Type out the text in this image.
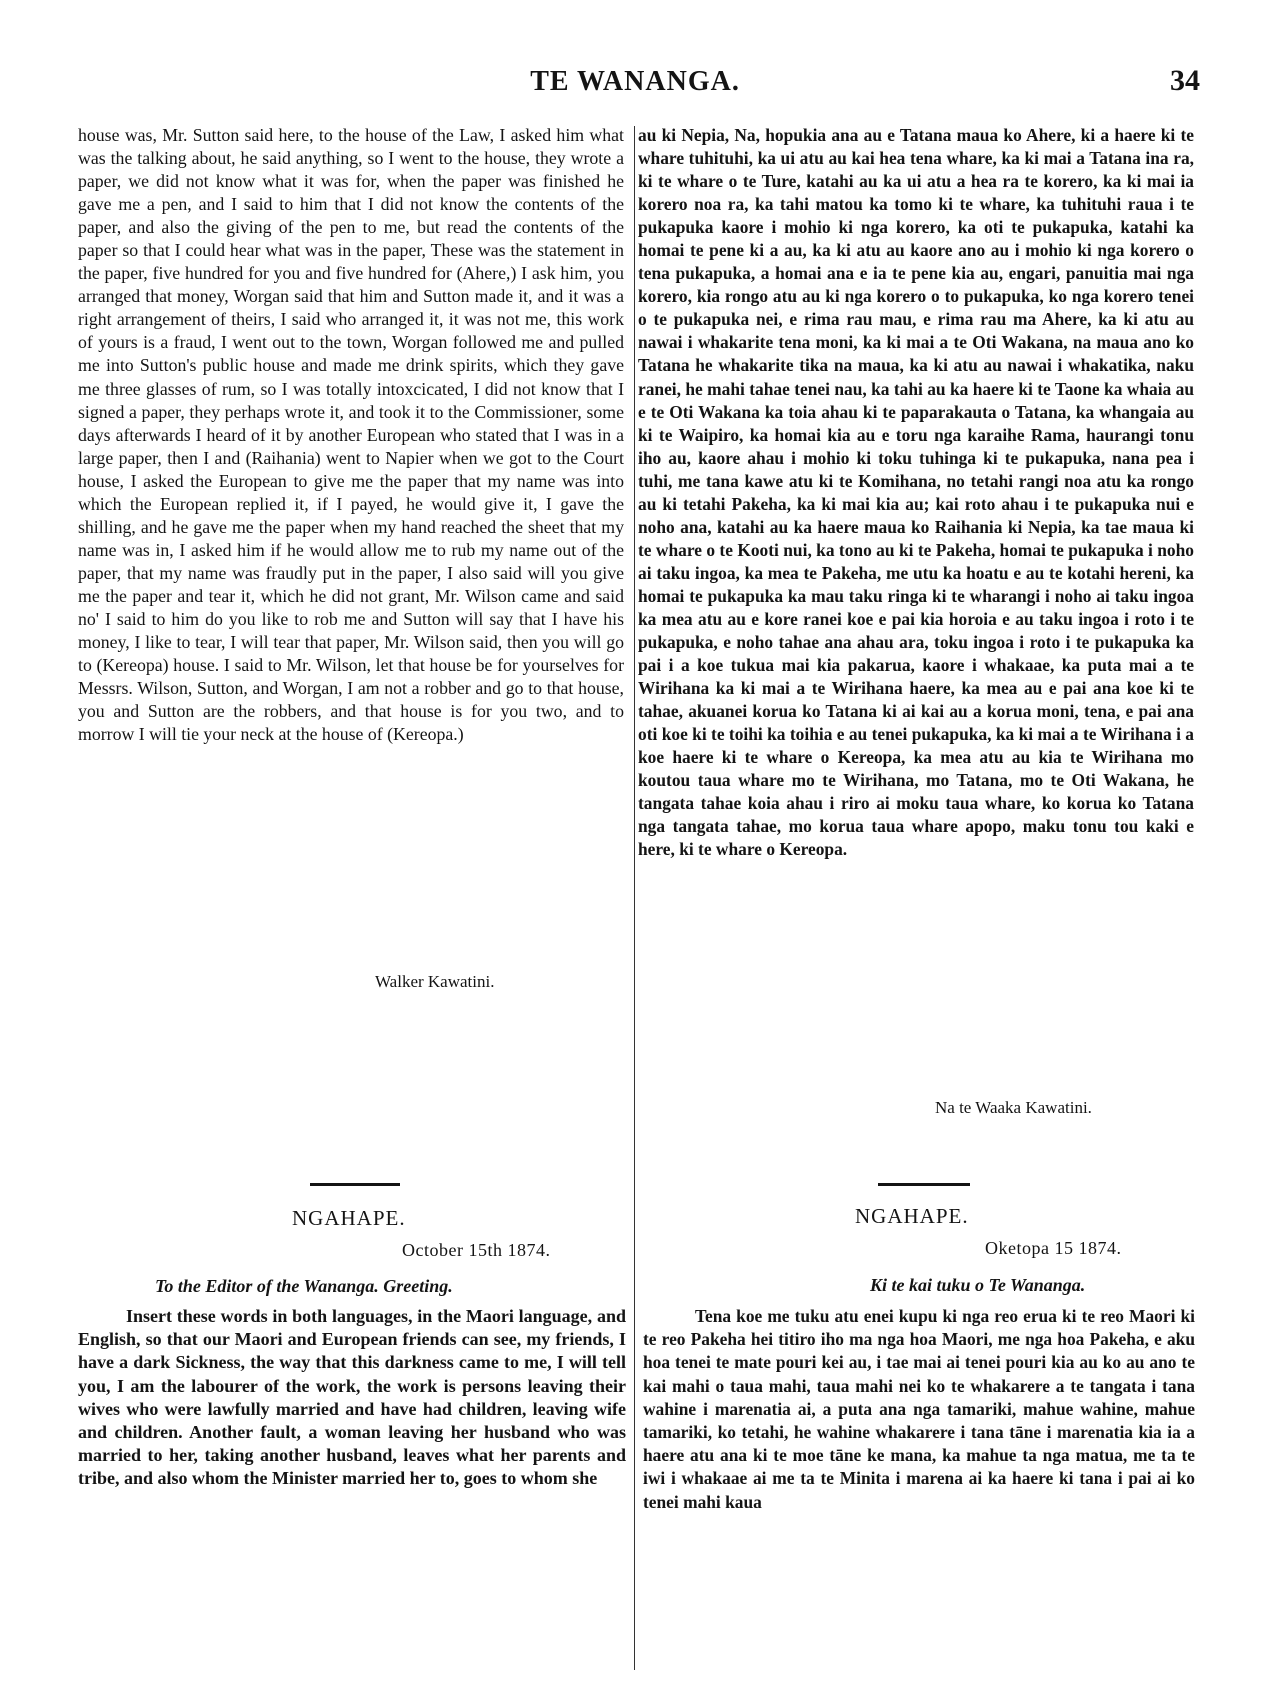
TE WANANGA.	34

house was, Mr. Sutton said here, to the house of the Law, I asked him what was the talking about, he said anything, so I went to the house, they wrote a paper, we did not know what it was for, when the paper was finished he gave me a pen, and I said to him that I did not know the contents of the paper, and also the giving of the pen to me, but read the contents of the paper so that I could hear what was in the paper, These was the statement in the paper, five hundred for you and five hundred for (Ahere,) I ask him, you arranged that money, Worgan said that him and Sutton made it, and it was a right arrangement of theirs, I said who arranged it, it was not me, this work of yours is a fraud, I went out to the town, Worgan followed me and pulled me into Sutton's public house and made me drink spirits, which they gave me three glasses of rum, so I was totally intoxcicated, I did not know that I signed a paper, they perhaps wrote it, and took it to the Commissioner, some days afterwards I heard of it by another European who stated that I was in a large paper, then I and (Raihania) went to Napier when we got to the Court house, I asked the European to give me the paper that my name was into which the European replied it, if I payed, he would give it, I gave the shilling, and he gave me the paper when my hand reached the sheet that my name was in, I asked him if he would allow me to rub my name out of the paper, that my name was fraudly put in the paper, I also said will you give me the paper and tear it, which he did not grant, Mr. Wilson came and said no' I said to him do you like to rob me and Sutton will say that I have his money, I like to tear, I will tear that paper, Mr. Wilson said, then you will go to (Kereopa) house. I said to Mr. Wilson, let that house be for yourselves for Messrs. Wilson, Sutton, and Worgan, I am not a robber and go to that house, you and Sutton are the robbers, and that house is for you two, and to morrow I will tie your neck at the house of (Kereopa.)

Walker Kawatini.

au ki Nepia, Na, hopukia ana au e Tatana maua ko Ahere, ki a haere ki te whare tuhituhi, ka ui atu au kai hea tena whare, ka ki mai a Tatana ina ra, ki te whare o te Ture, katahi au ka ui atu a hea ra te korero, ka ki mai ia korero noa ra, ka tahi matou ka tomo ki te whare, ka tuhituhi raua i te pukapuka kaore i mohio ki nga korero, ka oti te pukapuka, katahi ka homai te pene ki a au, ka ki atu au kaore ano au i mohio ki nga korero o tena pukapuka, a homai ana e ia te pene kia au, engari, panuitia mai nga korero, kia rongo atu au ki nga korero o to pukapuka, ko nga korero tenei o te pukapuka nei, e rima rau mau, e rima rau ma Ahere, ka ki atu au nawai i whakarite tena moni, ka ki mai a te Oti Wakana, na maua ano ko Tatana he whakarite tika na maua, ka ki atu au nawai i whakatika, naku ranei, he mahi tahae tenei nau, ka tahi au ka haere ki te Taone ka whaia au e te Oti Wakana ka toia ahau ki te paparakauta o Tatana, ka whangaia au ki te Waipiro, ka homai kia au e toru nga karaihe Rama, haurangi tonu iho au, kaore ahau i mohio ki toku tuhinga ki te pukapuka, nana pea i tuhi, me tana kawe atu ki te Komihana, no tetahi rangi noa atu ka rongo au ki tetahi Pakeha, ka ki mai kia au; kai roto ahau i te pukapuka nui e noho ana, katahi au ka haere maua ko Raihania ki Nepia, ka tae maua ki te whare o te Kooti nui, ka tono au ki te Pakeha, homai te pukapuka i noho ai taku ingoa, ka mea te Pakeha, me utu ka hoatu e au te kotahi hereni, ka homai te pukapuka ka mau taku ringa ki te wharangi i noho ai taku ingoa ka mea atu au e kore ranei koe e pai kia horoia e au taku ingoa i roto i te pukapuka, e noho tahae ana ahau ara, toku ingoa i roto i te pukapuka ka pai i a koe tukua mai kia pakarua, kaore i whakaae, ka puta mai a te Wirihana ka ki mai a te Wirihana haere, ka mea au e pai ana koe ki te tahae, akuanei korua ko Tatana ki ai kai au a korua moni, tena, e pai ana oti koe ki te toihi ka toihia e au tenei pukapuka, ka ki mai a te Wirihana i a koe haere ki te whare o Kereopa, ka mea atu au kia te Wirihana mo koutou taua whare mo te Wirihana, mo Tatana, mo te Oti Wakana, he tangata tahae koia ahau i riro ai moku taua whare, ko korua ko Tatana nga tangata tahae, mo korua taua whare apopo, maku tonu tou kaki e here, ki te whare o Kereopa.

Na te Waaka Kawatini.
NGAHAPE.
October 15th 1874.
To the Editor of the Wananga. Greeting.

Insert these words in both languages, in the Maori language, and English, so that our Maori and European friends can see, my friends, I have a dark Sickness, the way that this darkness came to me, I will tell you, I am the labourer of the work, the work is persons leaving their wives who were lawfully married and have had children, leaving wife and children. Another fault, a woman leaving her husband who was married to her, taking another husband, leaves what her parents and tribe, and also whom the Minister married her to, goes to whom she

NGAHAPE.
Oketopa 15 1874.
Ki te kai tuku o Te Wananga.

Tena koe me tuku atu enei kupu ki nga reo erua ki te reo Maori ki te reo Pakeha hei titiro iho ma nga hoa Maori, me nga hoa Pakeha, e aku hoa tenei te mate pouri kei au, i tae mai ai tenei pouri kia au ko au ano te kai mahi o taua mahi, taua mahi nei ko te whakarere a te tangata i tana wahine i marenatia ai, a puta ana nga tamariki, mahue wahine, mahue tamariki, ko tetahi, he wahine whakarere i tana tāne i marenatia kia ia a haere atu ana ki te moe tāne ke mana, ka mahue ta nga matua, me ta te iwi i whakaae ai me ta te Minita i marena ai ka haere ki tana i pai ai ko tenei mahi kaua
